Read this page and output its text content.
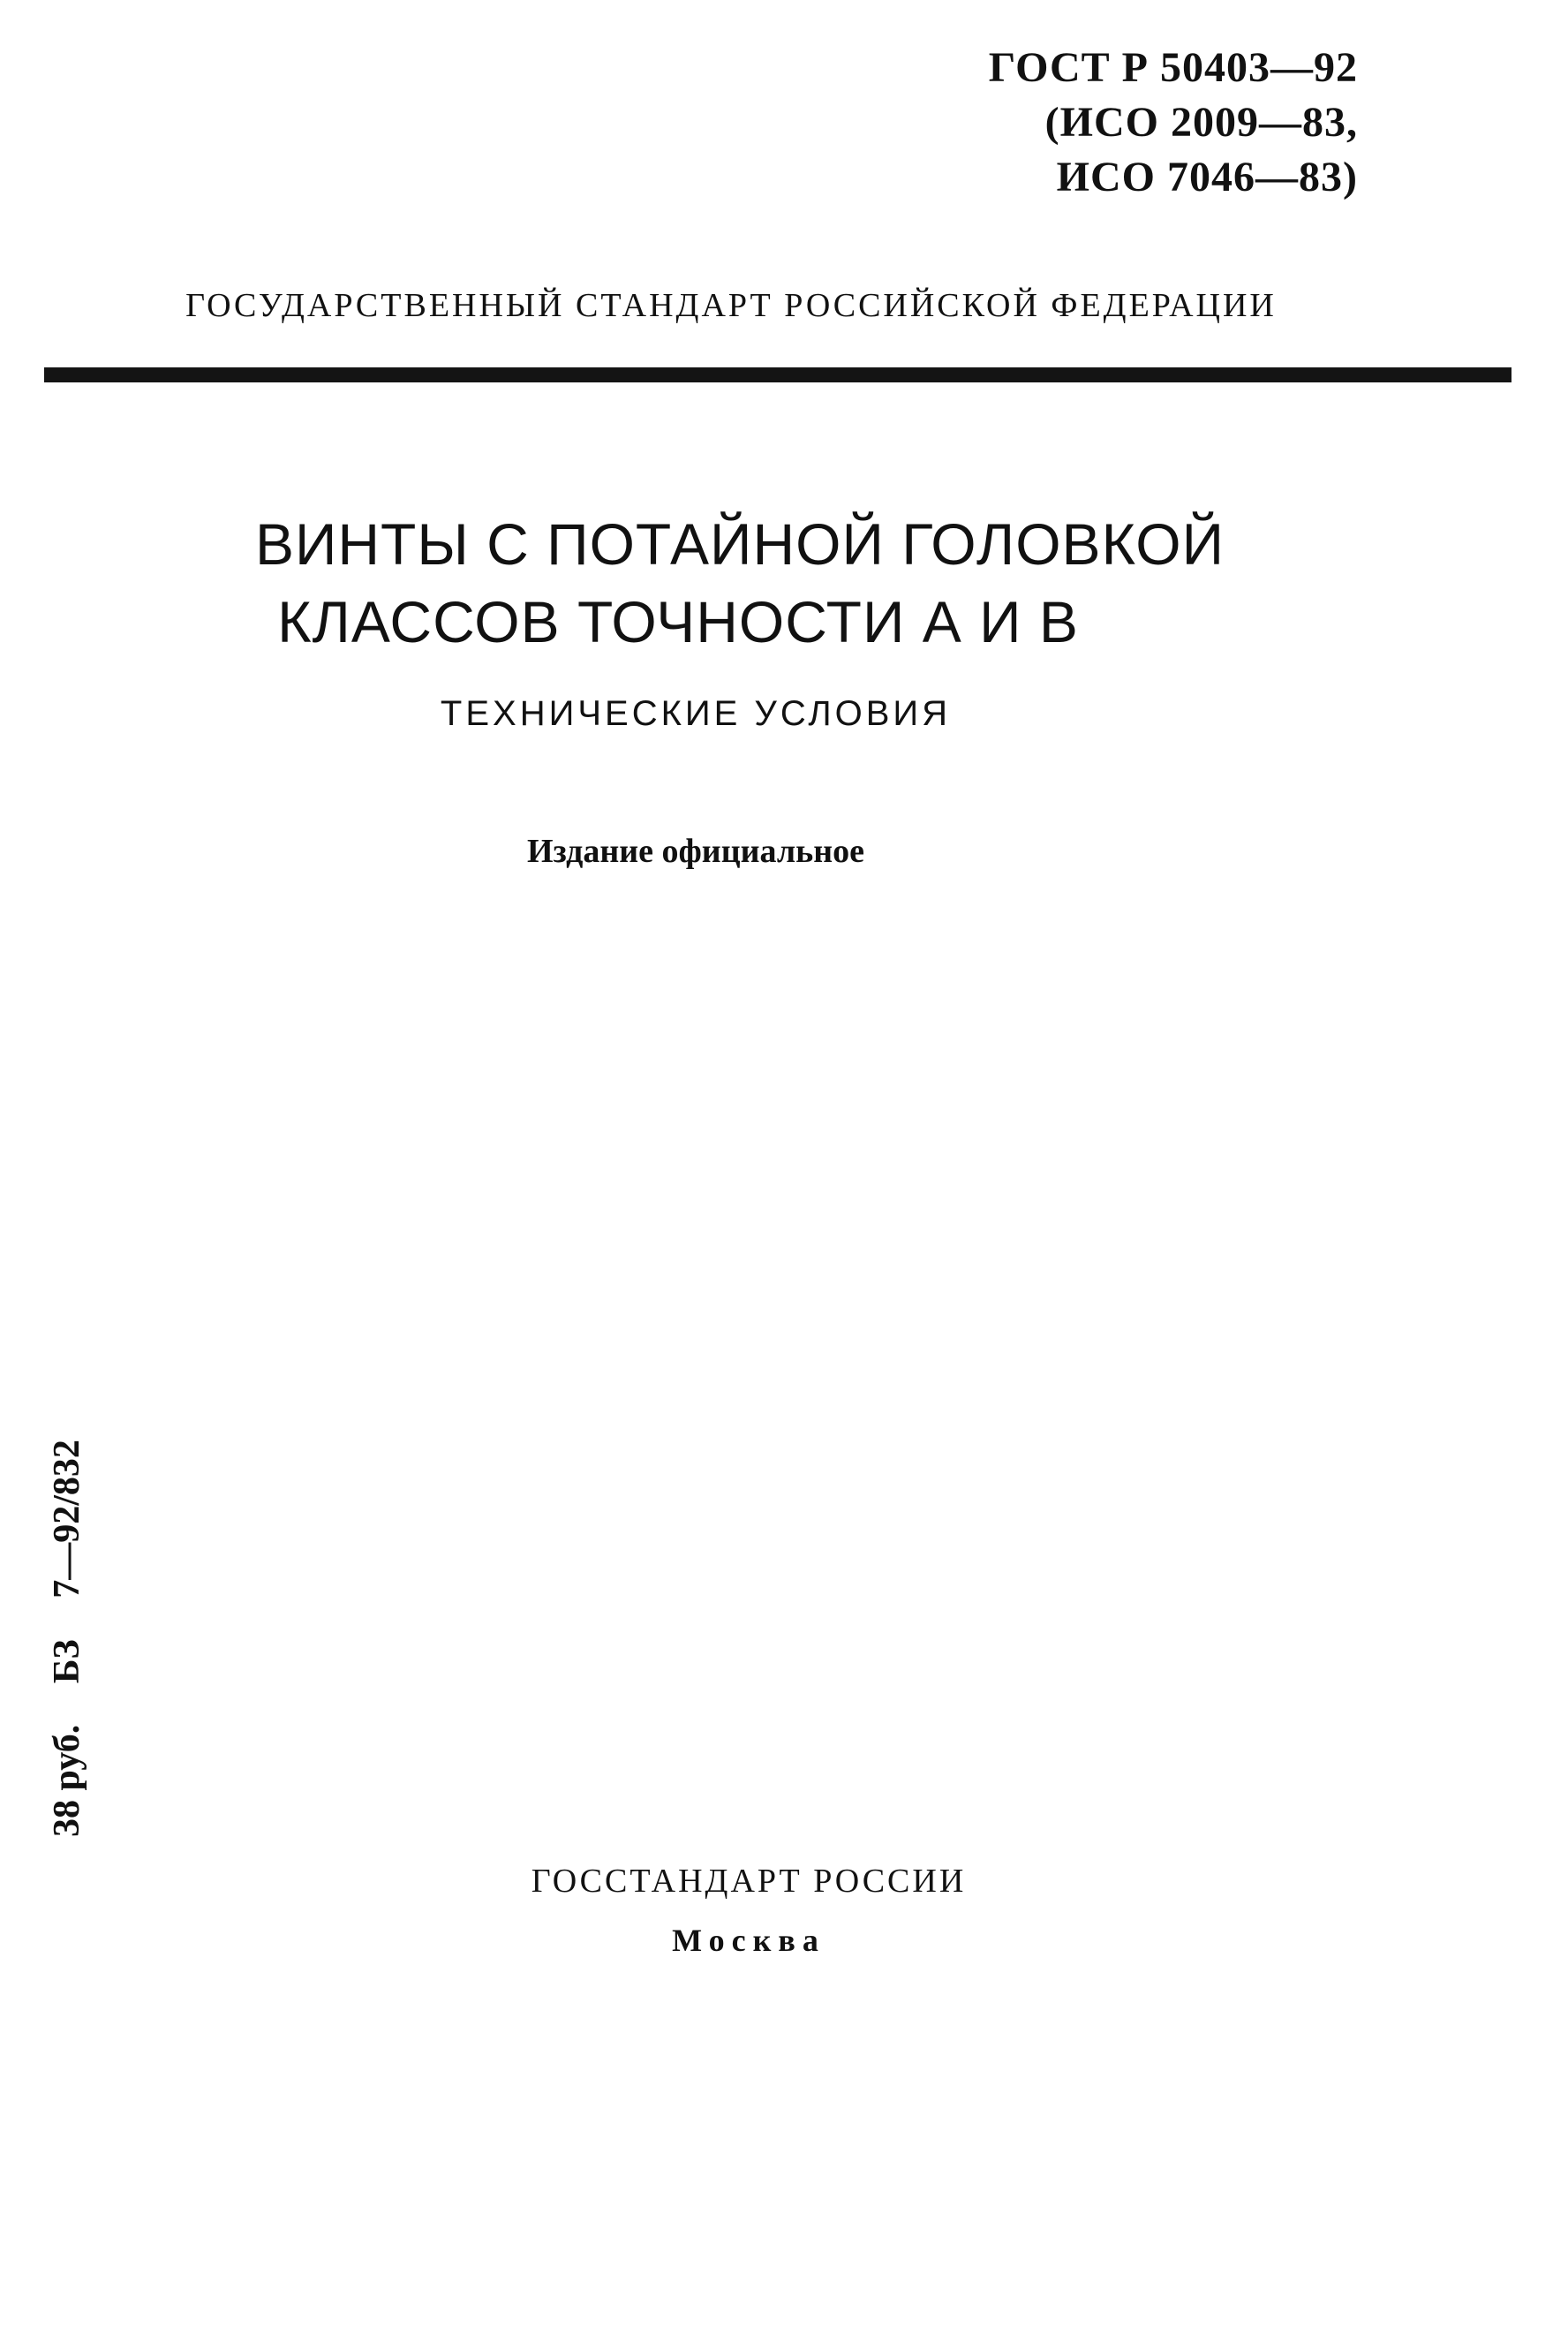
ГОСТ Р 50403—92
(ИСО 2009—83,
ИСО 7046—83)
ГОСУДАРСТВЕННЫЙ СТАНДАРТ РОССИЙСКОЙ ФЕДЕРАЦИИ
ВИНТЫ С ПОТАЙНОЙ ГОЛОВКОЙ
КЛАССОВ ТОЧНОСТИ А И В
ТЕХНИЧЕСКИЕ УСЛОВИЯ
Издание официальное
38 руб. БЗ 7—92/832
ГОССТАНДАРТ РОССИИ
Москва
